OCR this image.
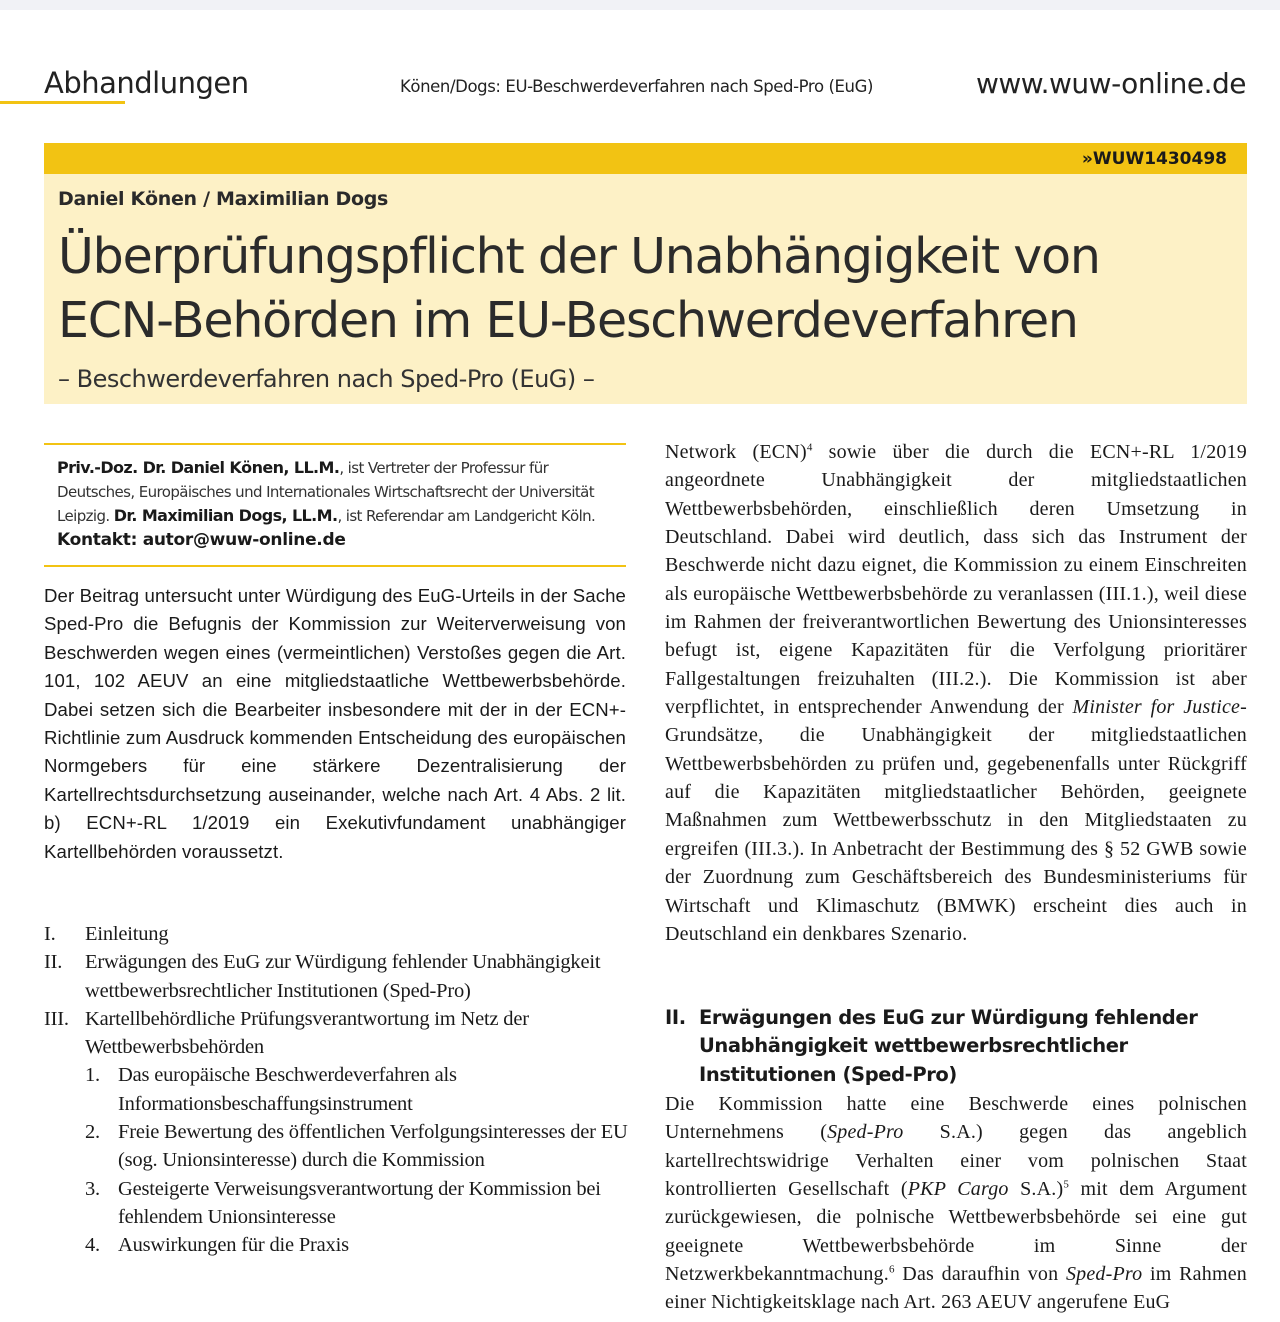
Abhandlungen	Kӧnen/Dogs: EU-Beschwerdeverfahren nach Sped-Pro (EuG)	www.wuw-online.de
»WUW1430498
Daniel Kӧnen / Maximilian Dogs
Überprüfungspflicht der Unabhängigkeit von
ECN-Behӧrden im EU-Beschwerdeverfahren
– Beschwerdeverfahren nach Sped-Pro (EuG) –
Priv.-Doz. Dr. Daniel Kӧnen, LL.M., ist Vertreter der Professur für Deutsches, Europäisches und Internationales Wirtschaftsrecht der Universität Leipzig. Dr. Maximilian Dogs, LL.M., ist Referendar am Landgericht Kӧln.
Kontakt: autor@wuw-online.de
Der Beitrag untersucht unter Würdigung des EuG-Urteils in der Sache Sped-Pro die Befugnis der Kommission zur Weiterverweisung von Beschwerden wegen eines (vermeintlichen) Verstoßes gegen die Art. 101, 102 AEUV an eine mitgliedstaatliche Wettbewerbsbehӧrde. Dabei setzen sich die Bearbeiter insbesondere mit der in der ECN+-Richtlinie zum Ausdruck kommenden Entscheidung des europäischen Normgebers für eine stärkere Dezentralisierung der Kartellrechtsdurchsetzung auseinander, welche nach Art. 4 Abs. 2 lit. b) ECN+-RL 1/2019 ein Exekutivfundament unabhängiger Kartellbehӧrden voraussetzt.
I. Einleitung
II. Erwägungen des EuG zur Würdigung fehlender Unabhängigkeit wettbewerbsrechtlicher Institutionen (Sped-Pro)
III. Kartellbehӧrdliche Prüfungsverantwortung im Netz der Wettbewerbsbehӧrden
1. Das europäische Beschwerdeverfahren als Informationsbeschaffungsinstrument
2. Freie Bewertung des ӧffentlichen Verfolgungsinteresses der EU (sog. Unionsinteresse) durch die Kommission
3. Gesteigerte Verweisungsverantwortung der Kommission bei fehlendem Unionsinteresse
4. Auswirkungen für die Praxis
Network (ECN)$^4$ sowie über die durch die ECN+-RL 1/2019 angeordnete Unabhängigkeit der mitgliedstaatlichen Wettbewerbsbehӧrden, einschließlich deren Umsetzung in Deutschland. Dabei wird deutlich, dass sich das Instrument der Beschwerde nicht dazu eignet, die Kommission zu einem Einschreiten als europäische Wettbewerbsbehӧrde zu veranlassen (III.1.), weil diese im Rahmen der freiverantwortlichen Bewertung des Unionsinteresses befugt ist, eigene Kapazitäten für die Verfolgung prioritärer Fallgestaltungen freizuhalten (III.2.). Die Kommission ist aber verpflichtet, in entsprechender Anwendung der Minister for Justice-Grundsätze, die Unabhängigkeit der mitgliedstaatlichen Wettbewerbsbehӧrden zu prüfen und, gegebenenfalls unter Rückgriff auf die Kapazitäten mitgliedstaatlicher Behӧrden, geeignete Maßnahmen zum Wettbewerbsschutz in den Mitgliedstaaten zu ergreifen (III.3.). In Anbetracht der Bestimmung des § 52 GWB sowie der Zuordnung zum Geschäftsbereich des Bundesministeriums für Wirtschaft und Klimaschutz (BMWK) erscheint dies auch in Deutschland ein denkbares Szenario.
II. Erwägungen des EuG zur Würdigung fehlender Unabhängigkeit wettbewerbsrechtlicher Institutionen (Sped-Pro)
Die Kommission hatte eine Beschwerde eines polnischen Unternehmens (Sped-Pro S.A.) gegen das angeblich kartellrechtswidrige Verhalten einer vom polnischen Staat kontrollierten Gesellschaft (PKP Cargo S.A.)$^5$ mit dem Argument zurückgewiesen, die polnische Wettbewerbsbehӧrde sei eine gut geeignete Wettbewerbsbehӧrde im Sinne der Netzwerkbekanntmachung.$^6$ Das daraufhin von Sped-Pro im Rahmen einer Nichtigkeitsklage nach Art. 263 AEUV angerufene EuG
